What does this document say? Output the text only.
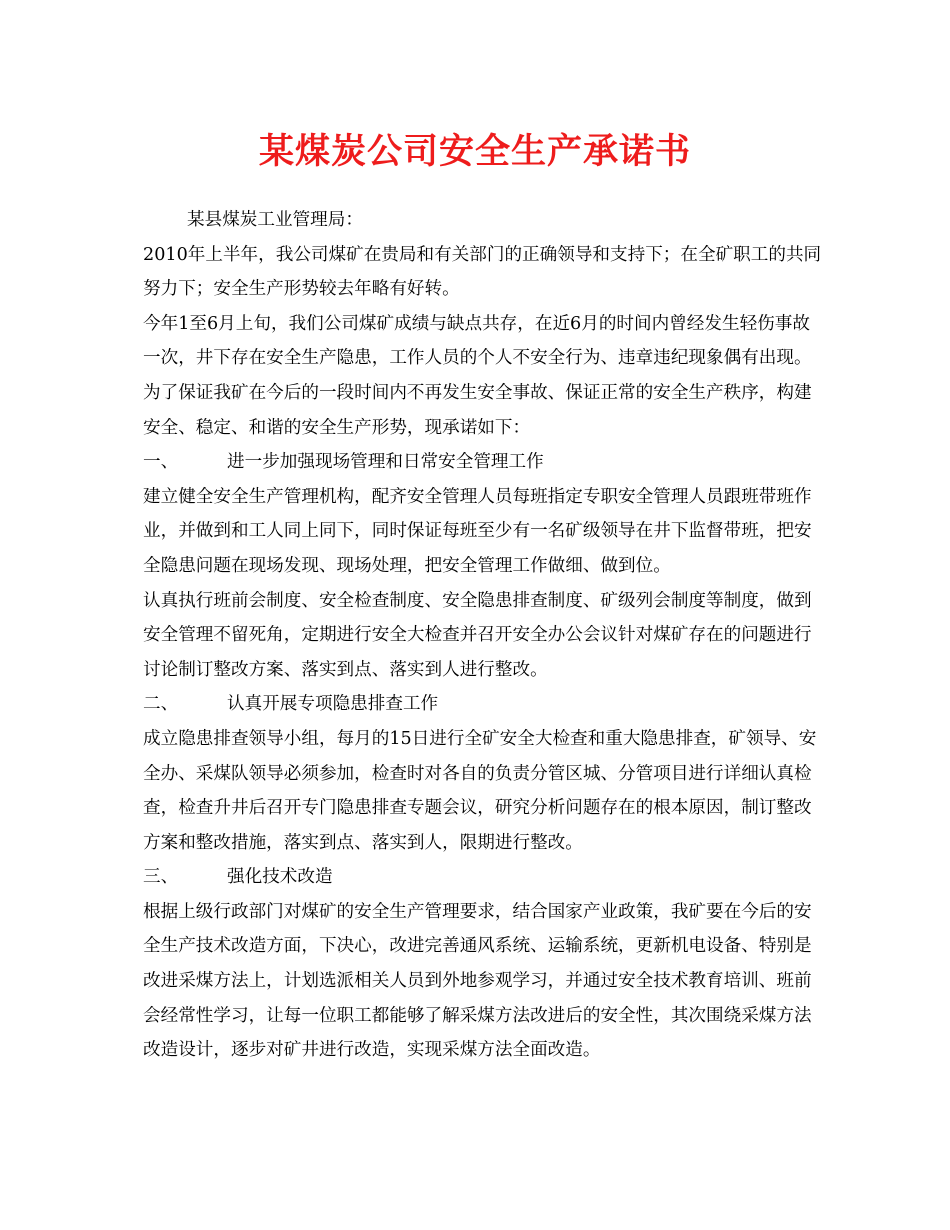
某煤炭公司安全生产承诺书

某县煤炭工业管理局：

2010年上半年，我公司煤矿在贵局和有关部门的正确领导和支持下；在全矿职工的共同努力下；安全生产形势较去年略有好转。

今年1至6月上旬，我们公司煤矿成绩与缺点共存，在近6月的时间内曾经发生轻伤事故一次，井下存在安全生产隐患，工作人员的个人不安全行为、违章违纪现象偶有出现。为了保证我矿在今后的一段时间内不再发生安全事故、保证正常的安全生产秩序，构建安全、稳定、和谐的安全生产形势，现承诺如下：

一、	进一步加强现场管理和日常安全管理工作

建立健全安全生产管理机构，配齐安全管理人员每班指定专职安全管理人员跟班带班作业，并做到和工人同上同下，同时保证每班至少有一名矿级领导在井下监督带班，把安全隐患问题在现场发现、现场处理，把安全管理工作做细、做到位。

认真执行班前会制度、安全检查制度、安全隐患排查制度、矿级列会制度等制度，做到安全管理不留死角，定期进行安全大检查并召开安全办公会议针对煤矿存在的问题进行讨论制订整改方案、落实到点、落实到人进行整改。

二、	认真开展专项隐患排查工作

成立隐患排查领导小组，每月的15日进行全矿安全大检查和重大隐患排查，矿领导、安全办、采煤队领导必须参加，检查时对各自的负责分管区城、分管项目进行详细认真检查，检查升井后召开专门隐患排查专题会议，研究分析问题存在的根本原因，制订整改方案和整改措施，落实到点、落实到人，限期进行整改。

三、	强化技术改造

根据上级行政部门对煤矿的安全生产管理要求，结合国家产业政策，我矿要在今后的安全生产技术改造方面，下决心，改进完善通风系统、运输系统，更新机电设备、特别是改进采煤方法上，计划选派相关人员到外地参观学习，并通过安全技术教育培训、班前会经常性学习，让每一位职工都能够了解采煤方法改进后的安全性，其次围绕采煤方法改造设计，逐步对矿井进行改造，实现采煤方法全面改造。
